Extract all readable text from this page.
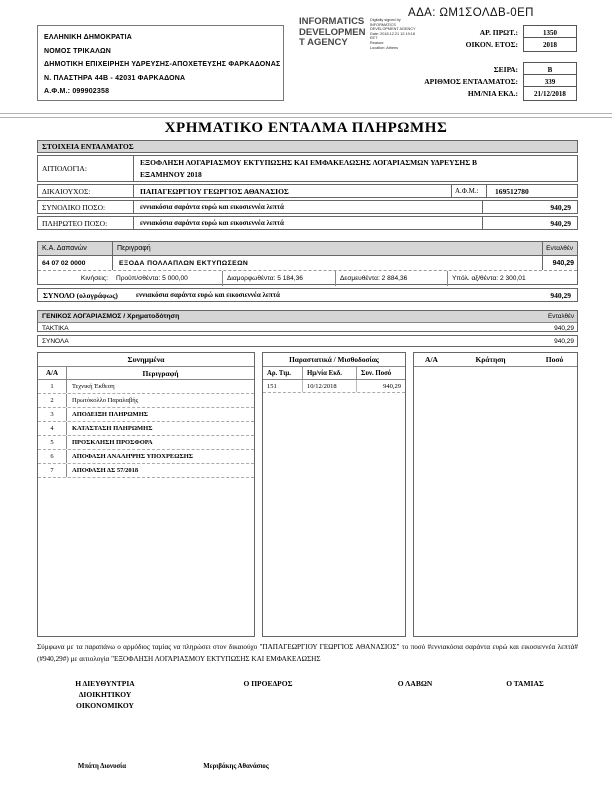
ΕΛΛΗΝΙΚΗ ΔΗΜΟΚΡΑΤΙΑ
ΝΟΜΟΣ ΤΡΙΚΑΛΩΝ
ΔΗΜΟΤΙΚΗ ΕΠΙΧΕΙΡΗΣΗ ΥΔΡΕΥΣΗΣ-ΑΠΟΧΕΤΕΥΣΗΣ ΦΑΡΚΑΔΟΝΑΣ
Ν. ΠΛΑΣΤΗΡΑ 44Β - 42031 ΦΑΡΚΑΔΟΝΑ
Α.Φ.Μ.: 099902358
ΑΔΑ: ΩΜ1ΣΟΛΔΒ-0ΕΠ
INFORMATICS
DEVELOPMEN
T AGENCY
Digitally signed by
INFORMATICS
DEVELOPMENT AGENCY
Date: 2018.12.21 12:19:18
EET
Reason:
Location: Athens
ΑΡ. ΠΡΩΤ.:	1350
ΟΙΚΟΝ. ΕΤΟΣ:	2018
ΣΕΙΡΑ:	Β
ΑΡΙΘΜΟΣ ΕΝΤΑΛΜΑΤΟΣ:	339
ΗΜ/ΝΙΑ ΕΚΔ.:	21/12/2018
ΧΡΗΜΑΤΙΚΟ ΕΝΤΑΛΜΑ ΠΛΗΡΩΜΗΣ
ΣΤΟΙΧΕΙΑ ΕΝΤΑΛΜΑΤΟΣ
ΑΙΤΙΟΛΟΓΙΑ:
ΕΞΟΦΛΗΣΗ ΛΟΓΑΡΙΑΣΜΟΥ ΕΚΤΥΠΩΣΗΣ ΚΑΙ ΕΜΦΑΚΕΛΩΣΗΣ ΛΟΓΑΡΙΑΣΜΩΝ ΥΔΡΕΥΣΗΣ Β ΕΞΑΜΗΝΟΥ 2018
ΔΙΚΑΙΟΥΧΟΣ:	ΠΑΠΑΓΕΩΡΓΙΟΥ ΓΕΩΡΓΙΟΣ ΑΘΑΝΑΣΙΟΣ	Α.Φ.Μ.:	169512780
ΣΥΝΟΛΙΚΟ ΠΟΣΟ:	εννιακόσια σαράντα ευρώ και εικοσιεννέα λεπτά	940,29
ΠΛΗΡΩΤΕΟ ΠΟΣΟ:	εννιακόσια σαράντα ευρώ και εικοσιεννέα λεπτά	940,29
Κ.Α. Δαπανών	Περιγραφή	Ενταλθέν
64 07 02 0000	ΕΞΟΔΑ ΠΟΛΛΑΠΛΩΝ ΕΚΤΥΠΩΣΕΩΝ	940,29
Κινήσεις:	Προϋπ/σθέντα:
5 000,00	Διαμορφωθέντα:
5 184,36	Δεσμευθέντα:
2 884,36	Υπόλ. αξ/θέντα:
2 300,01
ΣΥΝΟΛΟ (ολογράφως)	εννιακόσια σαράντα ευρώ και εικοσιεννέα λεπτά	940,29
ΓΕΝΙΚΟΣ ΛΟΓΑΡΙΑΣΜΟΣ / Χρηματοδότηση	Ενταλθέν
ΤΑΚΤΙΚΑ	940,29
ΣΥΝΟΛΑ	940,29
Συνημμένα
Α/Α	Περιγραφή
1	Τεχνική Έκθεση
2	Πρωτόκολλο Παραλαβής
3	ΑΠΟΔΕΙΞΗ ΠΛΗΡΩΜΗΣ
4	ΚΑΤΑΣΤΑΣΗ ΠΛΗΡΩΜΗΣ
5	ΠΡΟΣΚΛΗΣΗ ΠΡΟΣΦΟΡΑ
6	ΑΠΟΦΑΣΗ ΑΝΑΛΗΨΗΣ ΥΠΟΧΡΕΩΣΗΣ
7	ΑΠΟΦΑΣΗ ΔΣ 57/2018
Παραστατικά / Μισθοδοσίας
Αρ. Τιμ.	Ημ/νία Εκδ.	Συν. Ποσό
151	10/12/2018	940,29
Α/Α	Κράτηση	Ποσό
Σύμφωνα με τα παραπάνω ο αρμόδιος ταμίας να πληρώσει στον δικαιούχο "ΠΑΠΑΓΕΩΡΓΙΟΥ ΓΕΩΡΓΙΟΣ ΑΘΑΝΑΣΙΟΣ" το ποσό #εννιακόσια σαράντα ευρώ και εικοσιεννέα λεπτά# (#940,29#) με αιτιολογία "ΕΞΟΦΛΗΣΗ ΛΟΓΑΡΙΑΣΜΟΥ ΕΚΤΥΠΩΣΗΣ ΚΑΙ ΕΜΦΑΚΕΛΩΣΗΣ
Η ΔΙΕΥΘΥΝΤΡΙΑ
ΔΙΟΙΚΗΤΙΚΟΥ
ΟΙΚΟΝΟΜΙΚΟΥ
Ο ΠΡΟΕΔΡΟΣ	Ο ΛΑΒΩΝ	Ο ΤΑΜΙΑΣ
Μπάτη Διονυσία	Μεριβάκης Αθανάσιος
